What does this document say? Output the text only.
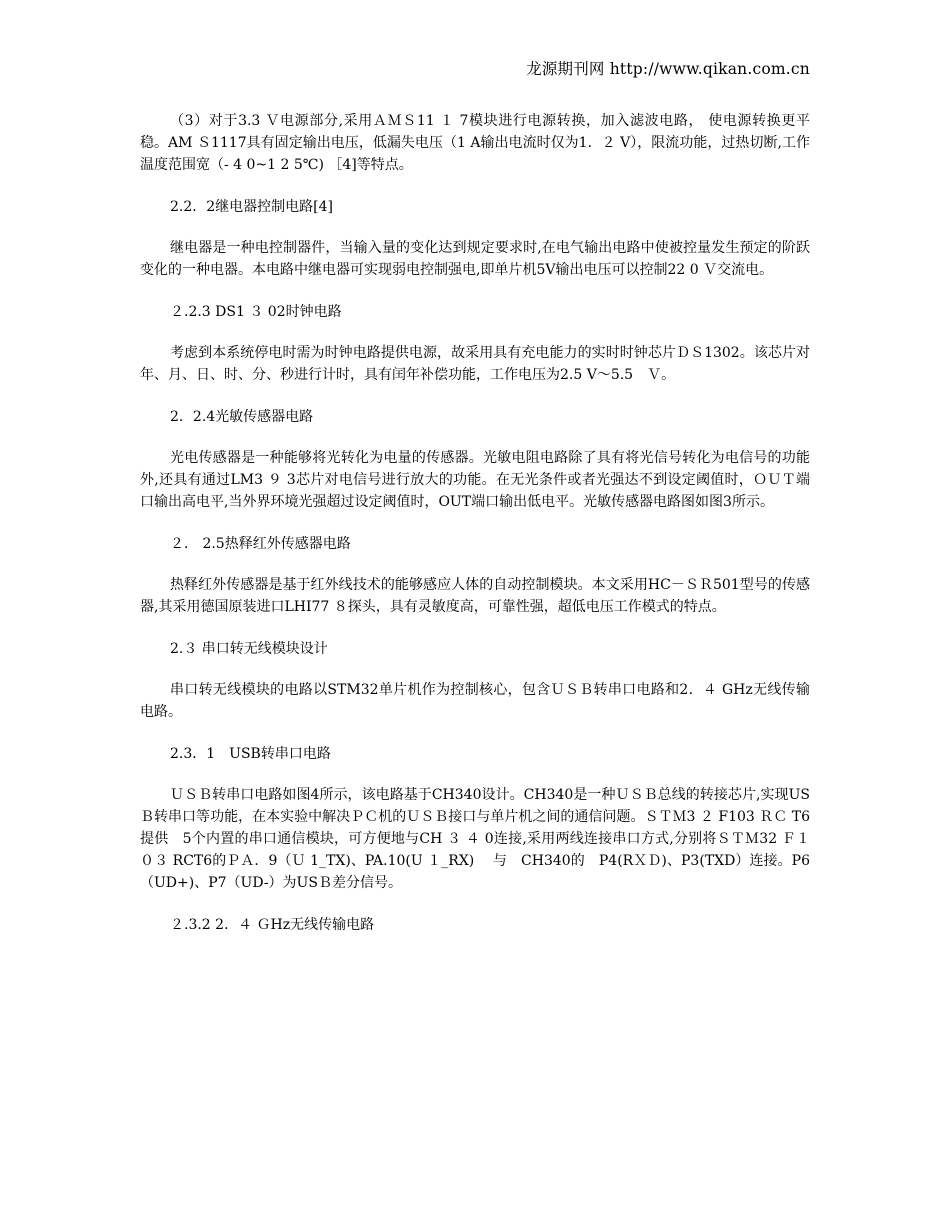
龙源期刊网 http://www.qikan.com.cn

（3）对于3.3 Ｖ电源部分,采用ＡＭＳ11 １ 7模块进行电源转换，加入滤波电路， 使电源转换更平稳。AM Ｓ1117具有固定输出电压，低漏失电压（1 A输出电流时仅为1．２ V），限流功能，过热切断,工作温度范围宽（- 4 0~1 2 5℃) ［4]等特点。

2.2．2继电器控制电路[4]

继电器是一种电控制器件，当输入量的变化达到规定要求时,在电气输出电路中使被控量发生预定的阶跃变化的一种电器。本电路中继电器可实现弱电控制强电,即单片机5V输出电压可以控制22 0 Ｖ交流电。

２.2.3 DS1 ３ 02时钟电路

考虑到本系统停电时需为时钟电路提供电源，故采用具有充电能力的实时时钟芯片ＤＳ1302。该芯片对年、月、日、时、分、秒进行计时，具有闰年补偿功能，工作电压为2.5 V～5.5　Ｖ。

2．2.4光敏传感器电路

光电传感器是一种能够将光转化为电量的传感器。光敏电阻电路除了具有将光信号转化为电信号的功能外,还具有通过LM3 ９ 3芯片对电信号进行放大的功能。在无光条件或者光强达不到设定阈值时，ＯＵＴ端口输出高电平,当外界环境光强超过设定阈值时，OUT端口输出低电平。光敏传感器电路图如图3所示。

２． 2.5热释红外传感器电路

热释红外传感器是基于红外线技术的能够感应人体的自动控制模块。本文采用HC－ＳＲ501型号的传感器,其采用德国原装进口LHI77 ８探头，具有灵敏度高，可靠性强，超低电压工作模式的特点。

2.３ 串口转无线模块设计

串口转无线模块的电路以STM32单片机作为控制核心，包含ＵＳＢ转串口电路和2．４ GHz无线传输电路。

2.3．1　USB转串口电路

ＵＳＢ转串口电路如图4所示，该电路基于CH340设计。CH340是一种ＵＳＢ总线的转接芯片,实现US Ｂ转串口等功能，在本实验中解决ＰＣ机的ＵＳＢ接口与单片机之间的通信问题。ＳＴＭ3 ２ F103 ＲＣ T6提供　5个内置的串口通信模块，可方便地与CH ３ ４ 0连接,采用两线连接串口方式,分别将ＳＴＭ32 Ｆ１０３ RCT6的ＰＡ．9（Ｕ 1_TX)、PA.10(U １_RX)　 与　CH340的　P4(RＸＤ)、P3(TXD）连接。P6（UD+)、P7（UD-）为USＢ差分信号。

２.3.2 2．４ ＧHz无线传输电路
